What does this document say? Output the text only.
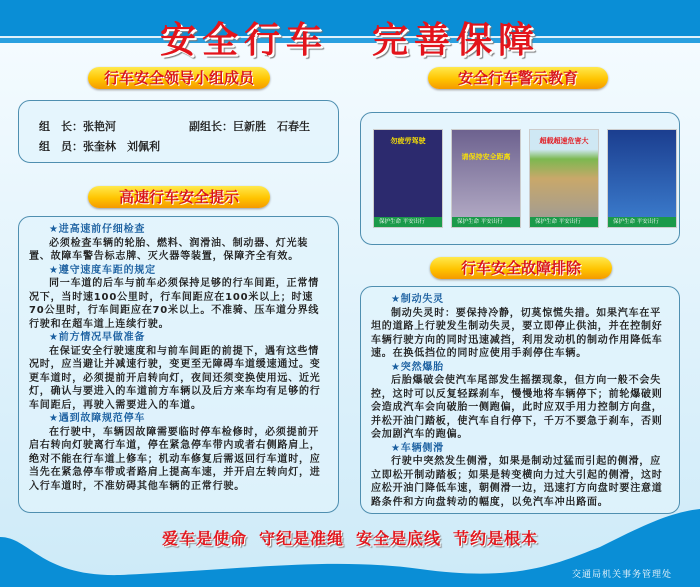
安全行车 完善保障
行车安全领导小组成员
组　长：张艳河	副组长：巨新胜　石春生
组　员：张奎林　刘佩利
高速行车安全提示
★进高速前仔细检查

必须检查车辆的轮胎、燃料、润滑油、制动器、灯光装置、故障车警告标志牌、灭火器等装置，保障齐全有效。

★遵守速度车距的规定

同一车道的后车与前车必须保持足够的行车间距，正常情况下，当时速100公里时，行车间距应在100米以上；时速70公里时，行车间距应在70米以上。不准骑、压车道分界线行驶和在超车道上连续行驶。

★前方情况早做准备

在保证安全行驶速度和与前车间距的前提下，遇有这些情况时，应当避让并减速行驶，变更至无障碍车道缓速通过。变更车道时，必须提前开启转向灯，夜间还须变换使用远、近光灯，确认与要进入的车道前方车辆以及后方来车均有足够的行车间距后，再驶入需要进入的车道。

★遇到故障规范停车

在行驶中，车辆因故障需要临时停车检修时，必须提前开启右转向灯驶离行车道，停在紧急停车带内或者右侧路肩上，绝对不能在行车道上修车；机动车修复后需返回行车道时，应当先在紧急停车带或者路肩上提高车速，并开启左转向灯，进入行车道时，不准妨碍其他车辆的正常行驶。

安全行车警示教育
勿疲劳驾驶
保护生命 平安出行
请保持安全距离
保护生命 平安出行
超载超速危害大
保护生命 平安出行	保护生命 平安出行
行车安全故障排除
★制动失灵

制动失灵时：要保持冷静，切莫惊慌失措。如果汽车在平坦的道路上行驶发生制动失灵，要立即停止供油，并在控制好车辆行驶方向的同时迅速减挡，利用发动机的制动作用降低车速。在换低挡位的同时应使用手刹停住车辆。

★突然爆胎

后胎爆破会使汽车尾部发生摇摆现象，但方向一般不会失控，这时可以反复轻踩刹车，慢慢地将车辆停下；前轮爆破则会造成汽车会向破胎一侧跑偏，此时应双手用力控制方向盘，并松开油门踏板，使汽车自行停下，千万不要急于刹车，否则会加剧汽车的跑偏。

★车辆侧滑

行驶中突然发生侧滑，如果是制动过猛而引起的侧滑，应立即松开制动踏板；如果是转变横向力过大引起的侧滑，这时应松开油门降低车速，朝侧滑一边，迅速打方向盘时要注意道路条件和方向盘转动的幅度，以免汽车冲出路面。

爱车是使命 守纪是准绳 安全是底线 节约是根本
交通局机关事务管理处
